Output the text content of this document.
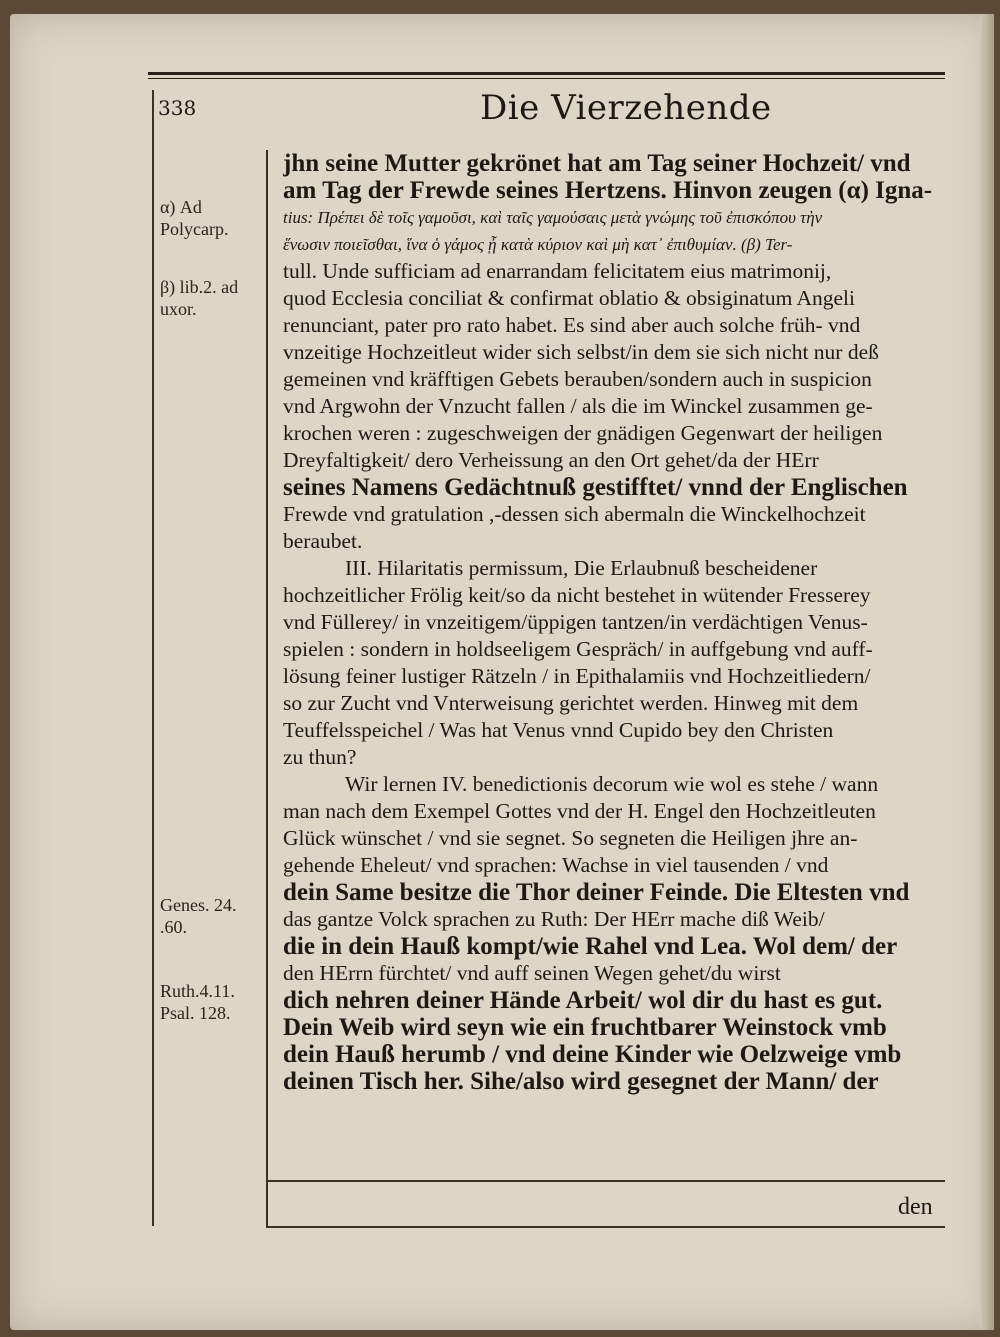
338	Die Vierzehende
α) Ad Polycarp.
β) lib.2. ad uxor.
Genes. 24. .60.
Ruth.4.11. Psal. 128.
jhn seine Mutter gekrönet hat am Tag seiner Hochzeit/ vnd
am Tag der Frewde seines Hertzens. Hinvon zeugen (α) Igna-
tius: Πρέπει δὲ τοῖς γαμοῦσι, καὶ ταῖς γαμούσαις μετὰ γνώμης τοῦ ἐπισκόπου τὴν
ἕνωσιν ποιεῖσθαι, ἵνα ὁ γάμος ᾖ κατὰ κύριον καὶ μὴ κατ᾽ ἐπιθυμίαν. (β) Ter-
tull. Unde sufficiam ad enarrandam felicitatem eius matrimonij,
quod Ecclesia conciliat & confirmat oblatio & obsiginatum Angeli
renunciant, pater pro rato habet. Es sind aber auch solche früh- vnd
vnzeitige Hochzeitleut wider sich selbst/in dem sie sich nicht nur deß
gemeinen vnd kräfftigen Gebets berauben/sondern auch in suspicion
vnd Argwohn der Vnzucht fallen / als die im Winckel zusammen ge-
krochen weren : zugeschweigen der gnädigen Gegenwart der heiligen
Dreyfaltigkeit/ dero Verheissung an den Ort gehet/da der HErr
seines Namens Gedächtnuß gestifftet/ vnnd der Englischen
Frewde vnd gratulation ,-dessen sich abermaln die Winckelhochzeit
beraubet.
III. Hilaritatis permissum, Die Erlaubnuß bescheidener
hochzeitlicher Frölig keit/so da nicht bestehet in wütender Fresserey
vnd Füllerey/ in vnzeitigem/üppigen tantzen/in verdächtigen Venus-
spielen : sondern in holdseeligem Gespräch/ in auffgebung vnd auff-
lösung feiner lustiger Rätzeln / in Epithalamiis vnd Hochzeitliedern/
so zur Zucht vnd Vnterweisung gerichtet werden. Hinweg mit dem
Teuffelsspeichel / Was hat Venus vnnd Cupido bey den Christen
zu thun?
Wir lernen IV. benedictionis decorum wie wol es stehe / wann
man nach dem Exempel Gottes vnd der H. Engel den Hochzeitleuten
Glück wünschet / vnd sie segnet. So segneten die Heiligen jhre an-
gehende Eheleut/ vnd sprachen: Wachse in viel tausenden / vnd
dein Same besitze die Thor deiner Feinde. Die Eltesten vnd
das gantze Volck sprachen zu Ruth: Der HErr mache diß Weib/
die in dein Hauß kompt/wie Rahel vnd Lea. Wol dem/ der
den HErrn fürchtet/ vnd auff seinen Wegen gehet/du wirst
dich nehren deiner Hände Arbeit/ wol dir du hast es gut.
Dein Weib wird seyn wie ein fruchtbarer Weinstock vmb
dein Hauß herumb / vnd deine Kinder wie Oelzweige vmb
deinen Tisch her. Sihe/also wird gesegnet der Mann/ der
den
